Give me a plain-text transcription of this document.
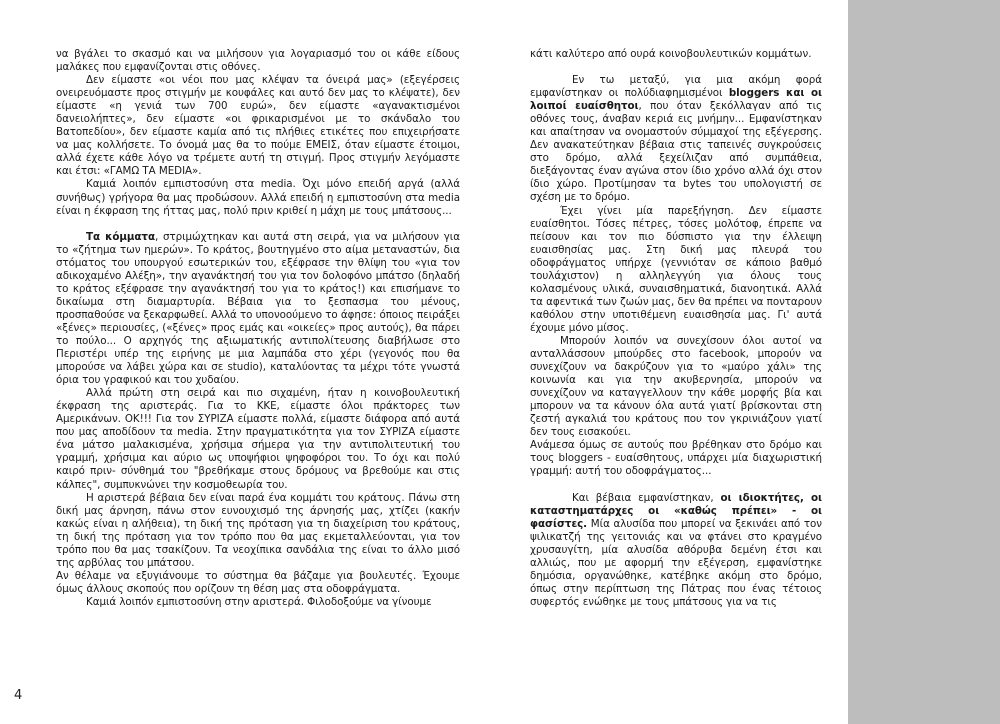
να βγάλει το σκασμό και να μιλήσουν για λογαριασμό του οι κάθε είδους μαλάκες που εμφανίζονται στις οθόνες.

Δεν είμαστε «οι νέοι που μας κλέψαν τα όνειρά μας» (εξεγέρσεις ονειρευόμαστε προς στιγμήν με κουφάλες και αυτό δεν μας το κλέψατε), δεν είμαστε «η γενιά των 700 ευρώ», δεν είμαστε «αγανακτισμένοι δανειολήπτες», δεν είμαστε «οι φρικαρισμένοι με το σκάνδαλο του Βατοπεδίου», δεν είμαστε καμία από τις πλήθιες ετικέτες που επιχειρήσατε να μας κολλήσετε. Το όνομά μας θα το πούμε ΕΜΕΙΣ, όταν είμαστε έτοιμοι, αλλά έχετε κάθε λόγο να τρέμετε αυτή τη στιγμή. Προς στιγμήν λεγόμαστε και έτσι: «ΓΑΜΩ ΤΑ MEDIA».

Καμιά λοιπόν εμπιστοσύνη στα media. Όχι μόνο επειδή αργά (αλλά συνήθως) γρήγορα θα μας προδώσουν. Αλλά επειδή η εμπιστοσύνη στα media είναι η έκφραση της ήττας μας, πολύ πριν κριθεί η μάχη με τους μπάτσους...

Τα κόμματα, στριμώχτηκαν και αυτά στη σειρά, για να μιλήσουν για το «ζήτημα των ημερών». Το κράτος, βουτηγμένο στο αίμα μεταναστών, δια στόματος του υπουργού εσωτερικών του, εξέφρασε την θλίψη του «για τον αδικοχαμένο Αλέξη», την αγανάκτησή του για τον δολοφόνο μπάτσο (δηλαδή το κράτος εξέφρασε την αγανάκτησή του για το κράτος!) και επισήμανε το δικαίωμα στη διαμαρτυρία. Βέβαια για το ξεσπασμα του μένους, προσπαθούσε να ξεκαρφωθεί. Αλλά το υπονοούμενο το άφησε: όποιος πειράξει «ξένες» περιουσίες, («ξένες» προς εμάς και «οικείες» προς αυτούς), θα πάρει το πούλο... Ο αρχηγός της αξιωματικής αντιπολίτευσης διαβήλωσε στο Περιστέρι υπέρ της ειρήνης με μια λαμπάδα στο χέρι (γεγονός που θα μπορούσε να λάβει χώρα και σε studio), καταλύοντας τα μέχρι τότε γνωστά όρια του γραφικού και του χυδαίου.

Αλλά πρώτη στη σειρά και πιο σιχαμένη, ήταν η κοινοβουλευτική έκφραση της αριστεράς. Για το ΚΚΕ, είμαστε όλοι πράκτορες των Αμερικάνων. ΟΚ!!! Για τον ΣΥΡΙΖΑ είμαστε πολλά, είμαστε διάφορα από αυτά που μας αποδίδουν τα media. Στην πραγματικότητα για τον ΣΥΡΙΖΑ είμαστε ένα μάτσο μαλακισμένα, χρήσιμα σήμερα για την αντιπολιτευτική του γραμμή, χρήσιμα και αύριο ως υποψήφιοι ψηφοφόροι του. Το όχι και πολύ καιρό πριν- σύνθημά του "βρεθήκαμε στους δρόμους να βρεθούμε και στις κάλπες", συμπυκνώνει την κοσμοθεωρία του.

Η αριστερά βέβαια δεν είναι παρά ένα κομμάτι του κράτους. Πάνω στη δική μας άρνηση, πάνω στον ευνουχισμό της άρνησής μας, χτίζει (κακήν κακώς είναι η αλήθεια), τη δική της πρόταση για τη διαχείριση του κράτους, τη δική της πρόταση για τον τρόπο που θα μας εκμεταλλεύονται, για τον τρόπο που θα μας τσακίζουν. Τα νεοχίπικα σανδάλια της είναι το άλλο μισό της αρβύλας του μπάτσου.

Αν θέλαμε να εξυγιάνουμε το σύστημα θα βάζαμε για βουλευτές. Έχουμε όμως άλλους σκοπούς που ορίζουν τη θέση μας στα οδοφράγματα.

Καμιά λοιπόν εμπιστοσύνη στην αριστερά. Φιλοδοξούμε να γίνουμε

κάτι καλύτερο από ουρά κοινοβουλευτικών κομμάτων.

Εν τω μεταξύ, για μια ακόμη φορά εμφανίστηκαν οι πολύδιαφημισμένοι bloggers και οι λοιποί ευαίσθητοι, που όταν ξεκόλλαγαν από τις οθόνες τους, άναβαν κεριά εις μνήμην... Εμφανίστηκαν και απαίτησαν να ονομαστούν σύμμαχοί της εξέγερσης. Δεν ανακατεύτηκαν βέβαια στις ταπεινές συγκρούσεις στο δρόμο, αλλά ξεχείλιζαν από συμπάθεια, διεξάγοντας έναν αγώνα στον ίδιο χρόνο αλλά όχι στον ίδιο χώρο. Προτίμησαν τα bytes του υπολογιστή σε σχέση με το δρόμο.

Έχει γίνει μία παρεξήγηση. Δεν είμαστε ευαίσθητοι. Τόσες πέτρες, τόσες μολότοφ, έπρεπε να πείσουν και τον πιο δύσπιστο για την έλλειψη ευαισθησίας μας. Στη δική μας πλευρά του οδοφράγματος υπήρχε (γεννιόταν σε κάποιο βαθμό τουλάχιστον) η αλληλεγγύη για όλους τους κολασμένους υλικά, συναισθηματικά, διανοητικά. Αλλά τα αφεντικά των ζωών μας, δεν θα πρέπει να πονταρουν καθόλου στην υποτιθέμενη ευαισθησία μας. Γι' αυτά έχουμε μόνο μίσος.

Μπορούν λοιπόν να συνεχίσουν όλοι αυτοί να ανταλλάσσουν μπούρδες στο facebook, μπορούν να συνεχίζουν να δακρύζουν για το «μαύρο χάλι» της κοινωνία και για την ακυβερνησία, μπορούν να συνεχίζουν να καταγγελλουν την κάθε μορφής βία και μπορουν να τα κάνουν όλα αυτά γιατί βρίσκονται στη ζεστή αγκαλιά του κράτους που τον γκρινιάζουν γιατί δεν τους εισακούει.

Ανάμεσα όμως σε αυτούς που βρέθηκαν στο δρόμο και τους bloggers - ευαίσθητους, υπάρχει μία διαχωριστική γραμμή: αυτή του οδοφράγματος...

Και βέβαια εμφανίστηκαν, οι ιδιοκτήτες, οι καταστηματάρχες οι «καθώς πρέπει» - οι φασίστες. Μία αλυσίδα που μπορεί να ξεκινάει από τον ψιλικατζή της γειτονιάς και να φτάνει στο κραγμένο χρυσαυγίτη, μία αλυσίδα αθόρυβα δεμένη έτσι και αλλιώς, που με αφορμή την εξέγερση, εμφανίστηκε δημόσια, οργανώθηκε, κατέβηκε ακόμη στο δρόμο, όπως στην περίπτωση της Πάτρας που ένας τέτοιος συφερτός ενώθηκε με τους μπάτσους για να τις

4
